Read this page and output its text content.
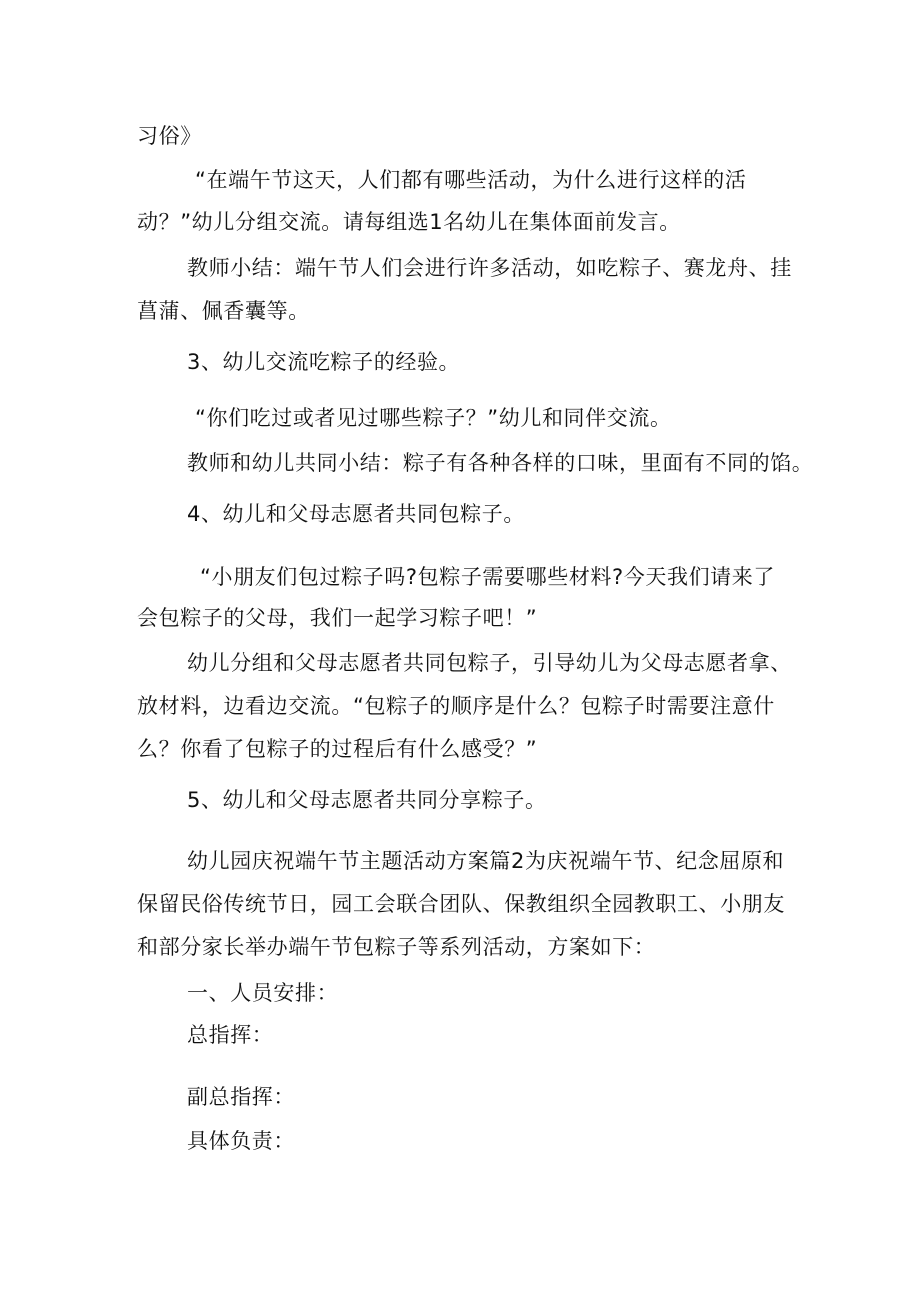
习俗》
“在端午节这天，人们都有哪些活动，为什么进行这样的活
动？”幼儿分组交流。请每组选1名幼儿在集体面前发言。
教师小结：端午节人们会进行许多活动，如吃粽子、赛龙舟、挂
菖蒲、佩香囊等。
3、幼儿交流吃粽子的经验。
“你们吃过或者见过哪些粽子？”幼儿和同伴交流。
教师和幼儿共同小结：粽子有各种各样的口味，里面有不同的馅。
4、幼儿和父母志愿者共同包粽子。
“小朋友们包过粽子吗?包粽子需要哪些材料?今天我们请来了
会包粽子的父母，我们一起学习粽子吧！”
幼儿分组和父母志愿者共同包粽子，引导幼儿为父母志愿者拿、
放材料，边看边交流。“包粽子的顺序是什么？包粽子时需要注意什
么？你看了包粽子的过程后有什么感受？”
5、幼儿和父母志愿者共同分享粽子。
幼儿园庆祝端午节主题活动方案篇2为庆祝端午节、纪念屈原和
保留民俗传统节日，园工会联合团队、保教组织全园教职工、小朋友
和部分家长举办端午节包粽子等系列活动，方案如下：
一、人员安排：
总指挥：
副总指挥：
具体负责：
